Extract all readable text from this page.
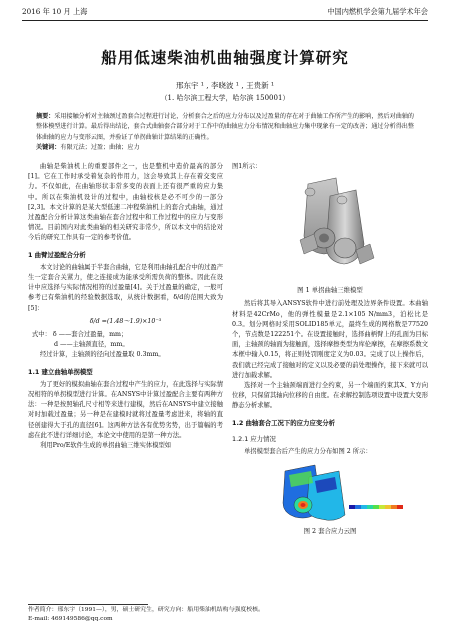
2016 年 10 月 上海	中国内燃机学会第九届学术年会
船用低速柴油机曲轴强度计算研究
邢东宇 ¹ , 李晓波 ¹ , 王贵新 ¹
（1. 哈尔滨工程大学，哈尔滨 150001）
摘要：采用接触分析对主轴颈过盈套合过程进行讨论，分析套合之后的应力分布以及过盈量的存在对于曲轴工作所产生的影响，然后对曲轴的整体模型进行计算。最后得出结论，套合式曲轴套合部分对于工作中的曲轴应力分布情况和曲轴应力集中现象有一定的改善；通过分析得出整体曲轴的应力与变形云图，并验证了单拐曲轴计算结果的正确性。
关键词：有限元法；过盈；曲轴；应力

曲轴是柴油机上的重要部件之一，也是整机中造价最高的部分[1]。它在工作时承受着复杂的作用力，这会导致其上存在着交变应力。不仅如此，在曲轴形状非常多变的表面上还有很严重的应力集中。所以在柴油机设计的过程中，曲轴校核是必不可少的一部分[2,3]。本文计算的是某大型低速二冲程柴油机上的套合式曲轴，通过过盈配合分析计算这类曲轴在套合过程中和工作过程中的应力与变形情况。目前国内对此类曲轴的相关研究非常少，所以本文中的结论对今后的研究工作具有一定的参考价值。

1 曲臂过盈配合分析

本文讨论的曲轴属于半套合曲轴，它是利用曲轴孔配合中的过盈产生一定套合关紧力，使之连接成为能承受所需负荷的整体。因此在设计中应选择与实际情况相符的过盈量[4]。关于过盈量的确定，一般可参考已有柴油机的经验数据选取，从统计数据看，δ/d的范围大致为[5]：

δ/d =(1.48～1.9)×10⁻³
式中： δ ——套合过盈量，mm；
d ——主轴颈直径，mm。

经过计算，主轴颈的径向过盈量取 0.3mm。

1.1 建立曲轴单拐模型

为了更好的模拟曲轴在套合过程中产生的应力，在此选择与实际情况相符的单拐模型进行计算。在ANSYS中计算过盈配合主要有两种方法：一种是按照轴孔尺寸相等来进行建模，然后在ANSYS中建立接触对时加载过盈量；另一种是在建模时就将过盈量考虑进来，将轴的直径创建得大于孔的直径[6]。这两种方法各有优势劣势，出于篇幅的考虑在此不进行详细讨论，本论文中使用的是第一种方法。

利用Pro/E软件生成的单拐曲轴三维实体模型如

图1所示：

图 1 单拐曲轴三维模型

然后将其导入ANSYS软件中进行前处理及边界条件设置。本曲轴材料是42CrMo，他的弹性模量是2.1×105 N/mm3，泊松比是0.3。划分网格时采用SOLID185单元，最终生成的网格数是77520个，节点数是122251个。在设置接触时，选择曲柄臂上的孔面为目标面，主轴颈的轴面为接触面，选择摩擦类型为库伦摩擦，在摩擦系数文本框中输入0.15，将正则处罚刚度定义为0.03。完成了以上操作后，我们就已经完成了接触对的定义以及必要的前处理操作，接下来就可以进行加载求解。

选择对一个主轴颈端面进行全约束，另一个端面约束其X、Y方向位移，只保留其轴向位移的自由度。在求解控制选项设置中设置大变形静态分析求解。

1.2 曲轴套合工况下的应力应变分析
1.2.1 应力情况

单拐模型套合后产生的应力分布如图 2 所示：

图 2 套合应力云图
作者简介：邢东宇（1991—），男，硕士研究生，研究方向：船用柴油机结构与强度校核。
E-mail: 469149586@qq.com
